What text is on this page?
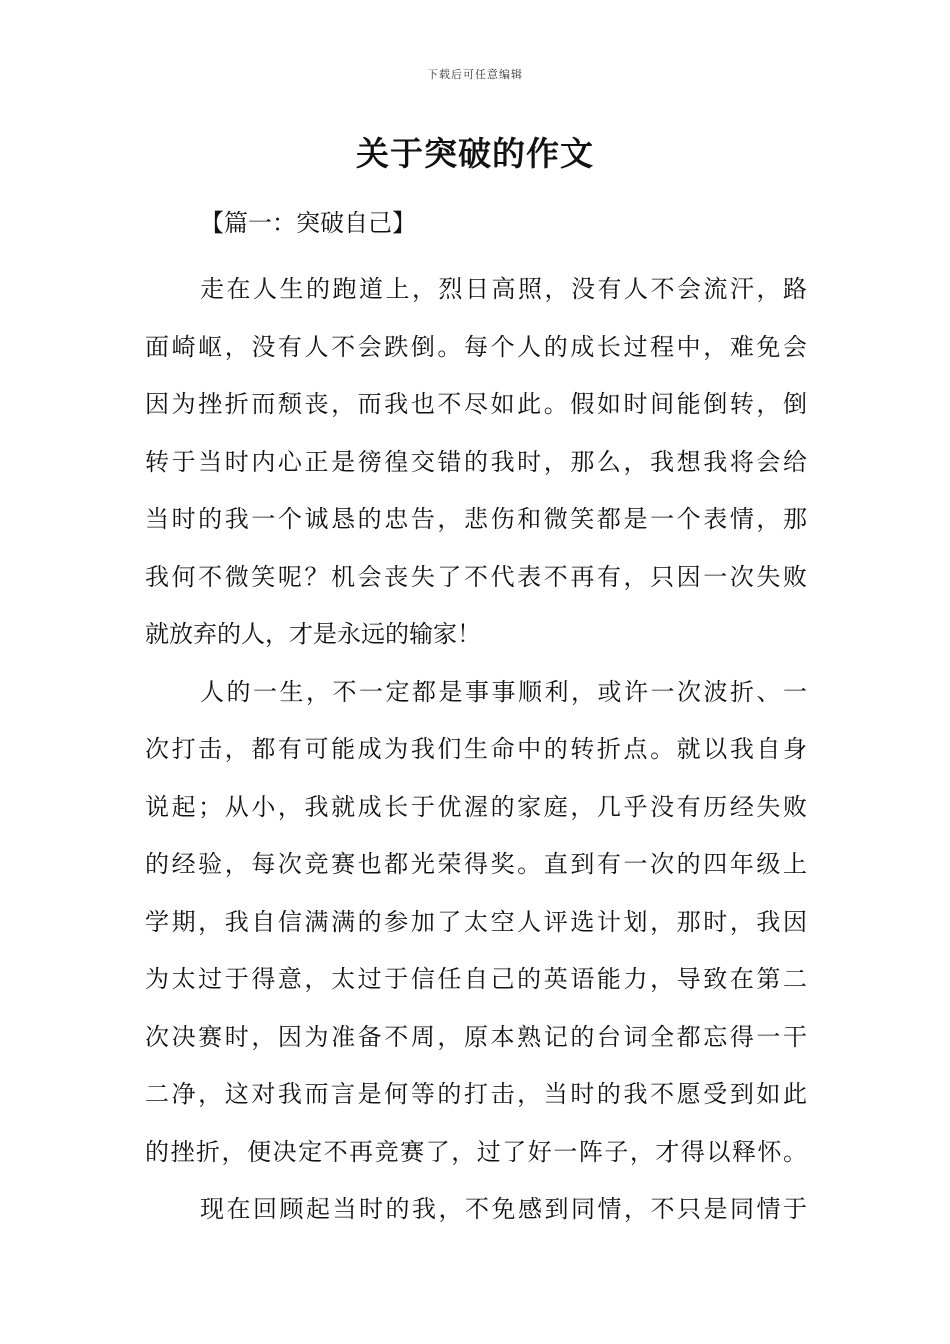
下载后可任意编辑
关于突破的作文
【篇一：突破自己】

走在人生的跑道上，烈日高照，没有人不会流汗，路
面崎岖，没有人不会跌倒。每个人的成长过程中，难免会
因为挫折而颓丧，而我也不尽如此。假如时间能倒转，倒
转于当时内心正是徬徨交错的我时，那么，我想我将会给
当时的我一个诚恳的忠告，悲伤和微笑都是一个表情，那
我何不微笑呢？机会丧失了不代表不再有，只因一次失败
就放弃的人，才是永远的输家！

人的一生，不一定都是事事顺利，或许一次波折、一
次打击，都有可能成为我们生命中的转折点。就以我自身
说起；从小，我就成长于优渥的家庭，几乎没有历经失败
的经验，每次竞赛也都光荣得奖。直到有一次的四年级上
学期，我自信满满的参加了太空人评选计划，那时，我因
为太过于得意，太过于信任自己的英语能力，导致在第二
次决赛时，因为准备不周，原本熟记的台词全都忘得一干
二净，这对我而言是何等的打击，当时的我不愿受到如此
的挫折，便决定不再竞赛了，过了好一阵子，才得以释怀。

现在回顾起当时的我，不免感到同情，不只是同情于
